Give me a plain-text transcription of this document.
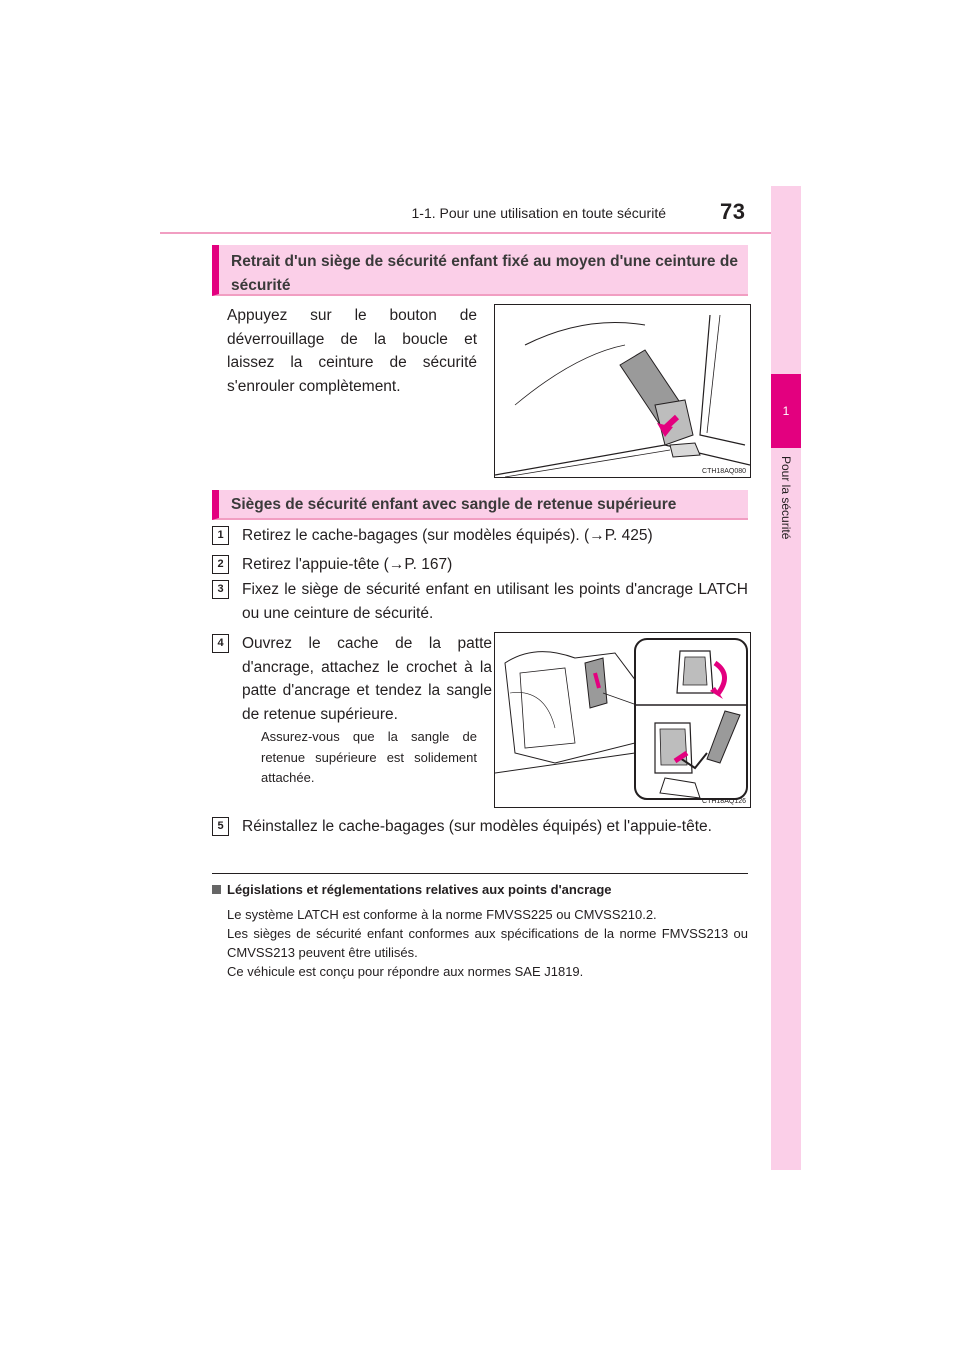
1-1. Pour une utilisation en toute sécurité 73
1
Pour la sécurité
Retrait d'un siège de sécurité enfant fixé au moyen d'une ceinture de sécurité
Appuyez sur le bouton de déverrouillage de la boucle et laissez la ceinture de sécurité s'enrouler complètement.
CTH18AQ080
Sièges de sécurité enfant avec sangle de retenue supérieure
1	Retirez le cache-bagages (sur modèles équipés). (→P. 425)
2	Retirez l'appuie-tête (→P. 167)
3	Fixez le siège de sécurité enfant en utilisant les points d'ancrage LATCH ou une ceinture de sécurité.
4	Ouvrez le cache de la patte d'ancrage, attachez le crochet à la patte d'ancrage et tendez la sangle de retenue supérieure.
Assurez-vous que la sangle de retenue supérieure est solidement attachée.
CTH18AQ126
5	Réinstallez le cache-bagages (sur modèles équipés) et l'appuie-tête.
Législations et réglementations relatives aux points d'ancrage

Le système LATCH est conforme à la norme FMVSS225 ou CMVSS210.2.

Les sièges de sécurité enfant conformes aux spécifications de la norme FMVSS213 ou CMVSS213 peuvent être utilisés.

Ce véhicule est conçu pour répondre aux normes SAE J1819.
